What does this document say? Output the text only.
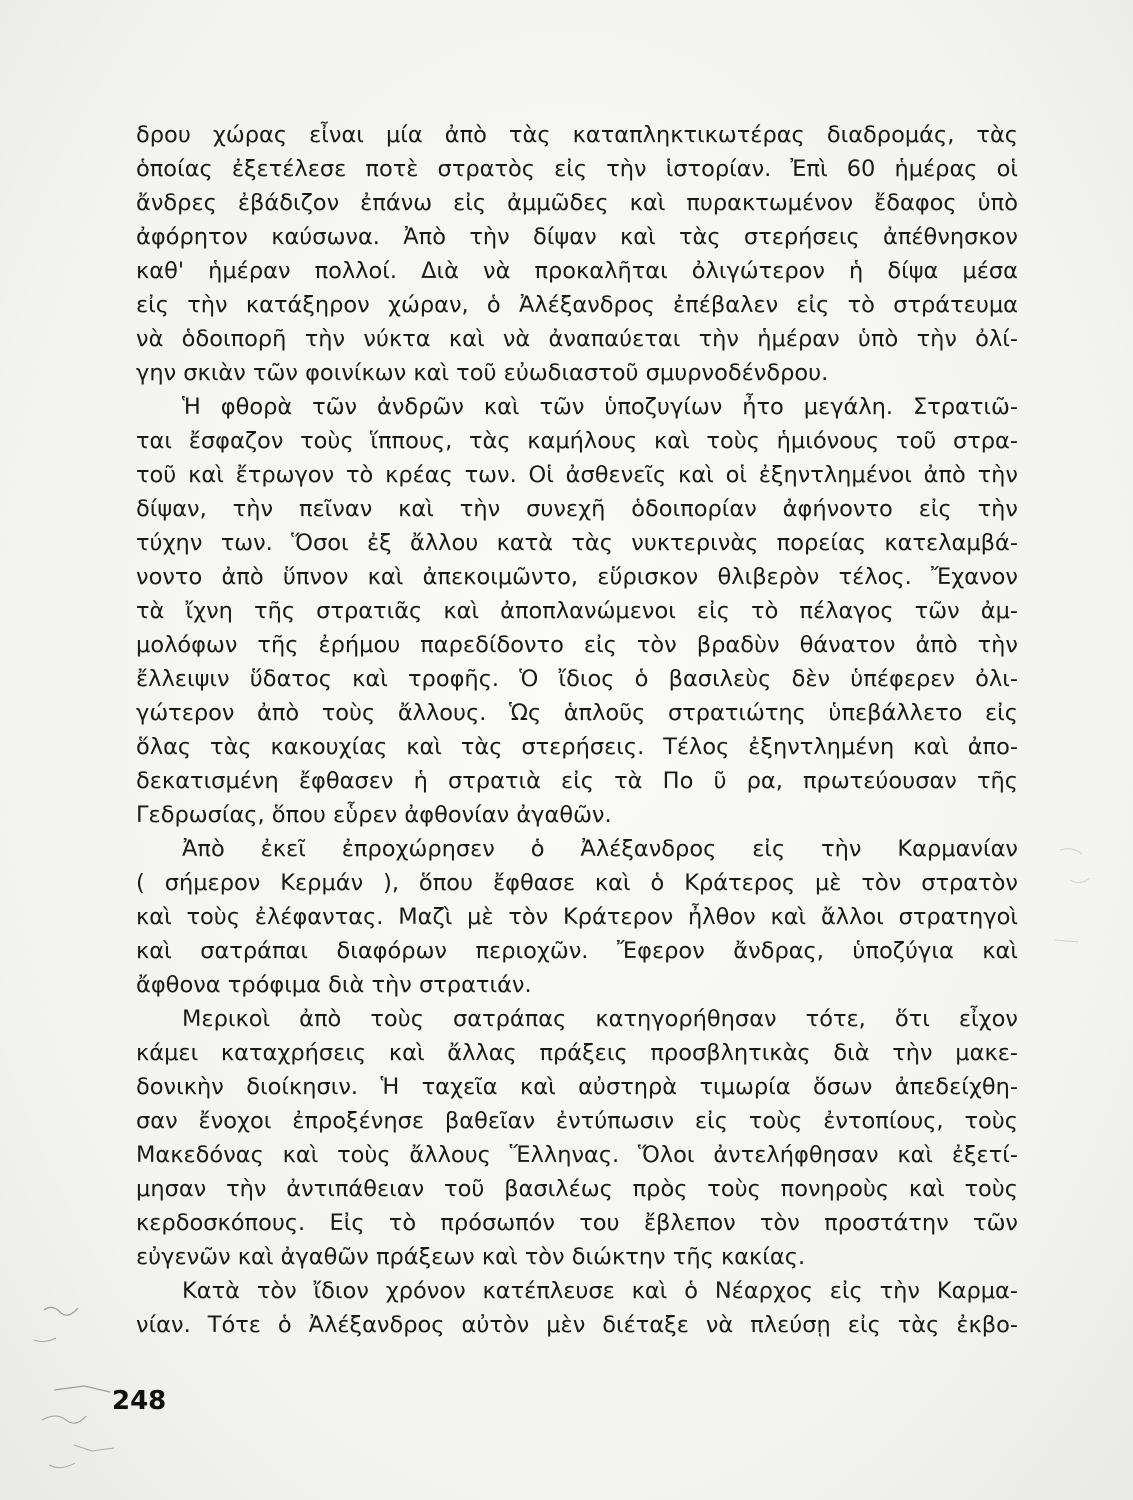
δρου χώρας εἶναι μία ἀπὸ τὰς καταπληκτικωτέρας διαδρομάς, τὰς
ὁποίας ἐξετέλεσε ποτὲ στρατὸς εἰς τὴν ἱστορίαν. Ἐπὶ 60 ἡμέρας οἱ
ἄνδρες ἐβάδιζον ἐπάνω εἰς ἀμμῶδες καὶ πυρακτωμένον ἔδαφος ὑπὸ
ἀφόρητον καύσωνα. Ἀπὸ τὴν δίψαν καὶ τὰς στερήσεις ἀπέθνησκον
καθ' ἡμέραν πολλοί. Διὰ νὰ προκαλῆται ὀλιγώτερον ἡ δίψα μέσα
εἰς τὴν κατάξηρον χώραν, ὁ Ἀλέξανδρος ἐπέβαλεν εἰς τὸ στράτευμα
νὰ ὁδοιπορῆ τὴν νύκτα καὶ νὰ ἀναπαύεται τὴν ἡμέραν ὑπὸ τὴν ὀλί-
γην σκιὰν τῶν φοινίκων καὶ τοῦ εὐωδιαστοῦ σμυρνοδένδρου.
Ἡ φθορὰ τῶν ἀνδρῶν καὶ τῶν ὑποζυγίων ἦτο μεγάλη. Στρατιῶ-
ται ἔσφαζον τοὺς ἵππους, τὰς καμήλους καὶ τοὺς ἡμιόνους τοῦ στρα-
τοῦ καὶ ἔτρωγον τὸ κρέας των. Οἱ ἀσθενεῖς καὶ οἱ ἐξηντλημένοι ἀπὸ τὴν
δίψαν, τὴν πεῖναν καὶ τὴν συνεχῆ ὁδοιπορίαν ἀφήνοντο εἰς τὴν
τύχην των. Ὅσοι ἐξ ἄλλου κατὰ τὰς νυκτερινὰς πορείας κατελαμβά-
νοντο ἀπὸ ὕπνον καὶ ἀπεκοιμῶντο, εὕρισκον θλιβερὸν τέλος. Ἔχανον
τὰ ἴχνη τῆς στρατιᾶς καὶ ἀποπλανώμενοι εἰς τὸ πέλαγος τῶν ἀμ-
μολόφων τῆς ἐρήμου παρεδίδοντο εἰς τὸν βραδὺν θάνατον ἀπὸ τὴν
ἔλλειψιν ὕδατος καὶ τροφῆς. Ὁ ἴδιος ὁ βασιλεὺς δὲν ὑπέφερεν ὀλι-
γώτερον ἀπὸ τοὺς ἄλλους. Ὡς ἁπλοῦς στρατιώτης ὑπεβάλλετο εἰς
ὅλας τὰς κακουχίας καὶ τὰς στερήσεις. Τέλος ἐξηντλημένη καὶ ἀπο-
δεκατισμένη ἔφθασεν ἡ στρατιὰ εἰς τὰ Πο ῦ ρα, πρωτεύουσαν τῆς
Γεδρωσίας, ὅπου εὗρεν ἀφθονίαν ἀγαθῶν.
Ἀπὸ ἐκεῖ ἐπροχώρησεν ὁ Ἀλέξανδρος εἰς τὴν Καρμανίαν
( σήμερον Κερμάν ), ὅπου ἔφθασε καὶ ὁ Κράτερος μὲ τὸν στρατὸν
καὶ τοὺς ἐλέφαντας. Μαζὶ μὲ τὸν Κράτερον ἦλθον καὶ ἄλλοι στρατηγοὶ
καὶ σατράπαι διαφόρων περιοχῶν. Ἔφερον ἄνδρας, ὑποζύγια καὶ
ἄφθονα τρόφιμα διὰ τὴν στρατιάν.
Μερικοὶ ἀπὸ τοὺς σατράπας κατηγορήθησαν τότε, ὅτι εἶχον
κάμει καταχρήσεις καὶ ἄλλας πράξεις προσβλητικὰς διὰ τὴν μακε-
δονικὴν διοίκησιν. Ἡ ταχεῖα καὶ αὐστηρὰ τιμωρία ὅσων ἀπεδείχθη-
σαν ἔνοχοι ἐπροξένησε βαθεῖαν ἐντύπωσιν εἰς τοὺς ἐντοπίους, τοὺς
Μακεδόνας καὶ τοὺς ἄλλους Ἕλληνας. Ὅλοι ἀντελήφθησαν καὶ ἐξετί-
μησαν τὴν ἀντιπάθειαν τοῦ βασιλέως πρὸς τοὺς πονηροὺς καὶ τοὺς
κερδοσκόπους. Εἰς τὸ πρόσωπόν του ἔβλεπον τὸν προστάτην τῶν
εὐγενῶν καὶ ἀγαθῶν πράξεων καὶ τὸν διώκτην τῆς κακίας.
Κατὰ τὸν ἴδιον χρόνον κατέπλευσε καὶ ὁ Νέαρχος εἰς τὴν Καρμα-
νίαν. Τότε ὁ Ἀλέξανδρος αὐτὸν μὲν διέταξε νὰ πλεύσῃ εἰς τὰς ἐκβο-
248
